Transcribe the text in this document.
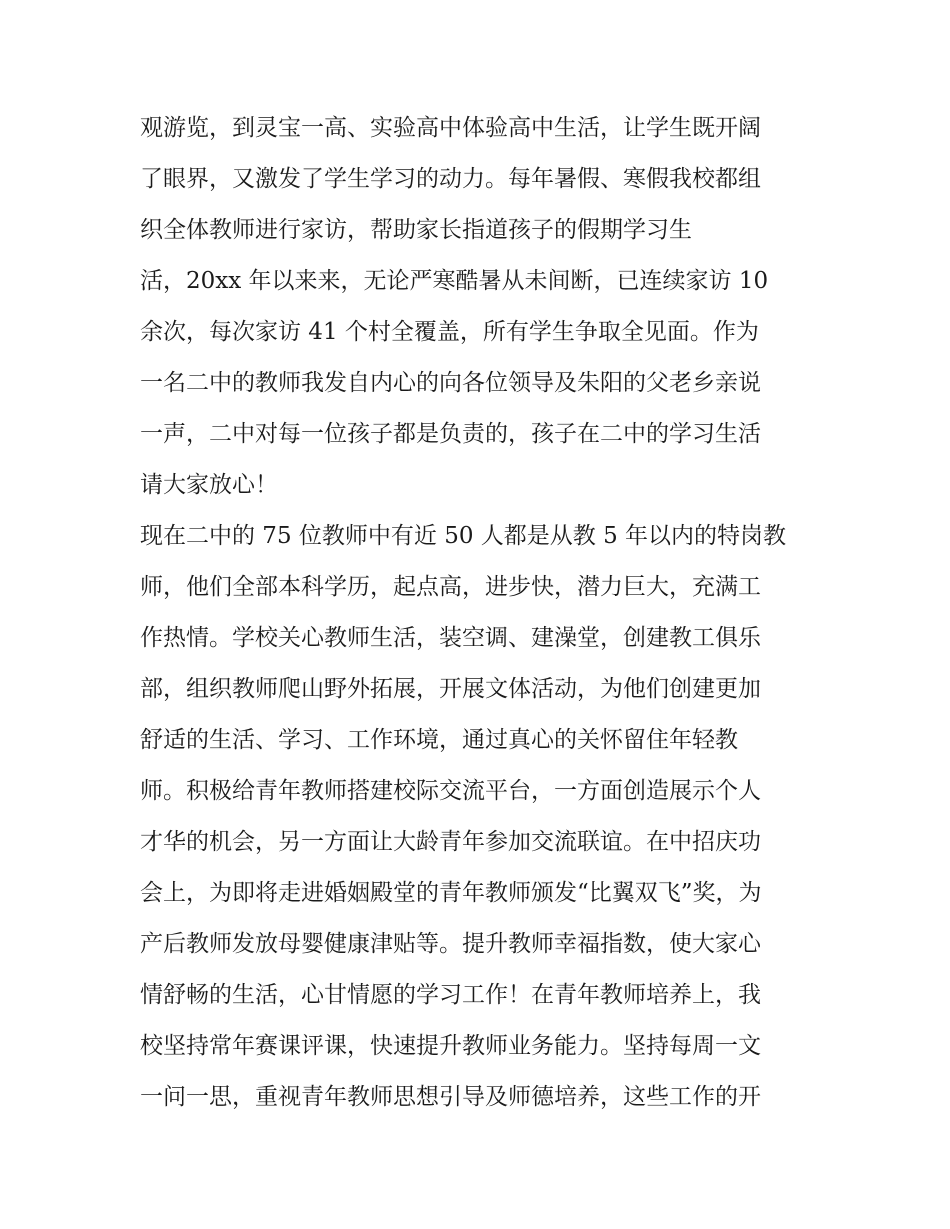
观游览，到灵宝一高、实验高中体验高中生活，让学生既开阔
了眼界，又激发了学生学习的动力。每年暑假、寒假我校都组
织全体教师进行家访，帮助家长指道孩子的假期学习生
活，20xx 年以来来，无论严寒酷暑从未间断，已连续家访 10
余次，每次家访 41 个村全覆盖，所有学生争取全见面。作为
一名二中的教师我发自内心的向各位领导及朱阳的父老乡亲说
一声，二中对每一位孩子都是负责的，孩子在二中的学习生活
请大家放心！
现在二中的 75 位教师中有近 50 人都是从教 5 年以内的特岗教
师，他们全部本科学历，起点高，进步快，潜力巨大，充满工
作热情。学校关心教师生活，装空调、建澡堂，创建教工俱乐
部，组织教师爬山野外拓展，开展文体活动，为他们创建更加
舒适的生活、学习、工作环境，通过真心的关怀留住年轻教
师。积极给青年教师搭建校际交流平台，一方面创造展示个人
才华的机会，另一方面让大龄青年参加交流联谊。在中招庆功
会上，为即将走进婚姻殿堂的青年教师颁发“比翼双飞”奖，为
产后教师发放母婴健康津贴等。提升教师幸福指数，使大家心
情舒畅的生活，心甘情愿的学习工作！在青年教师培养上，我
校坚持常年赛课评课，快速提升教师业务能力。坚持每周一文
一问一思，重视青年教师思想引导及师德培养，这些工作的开
